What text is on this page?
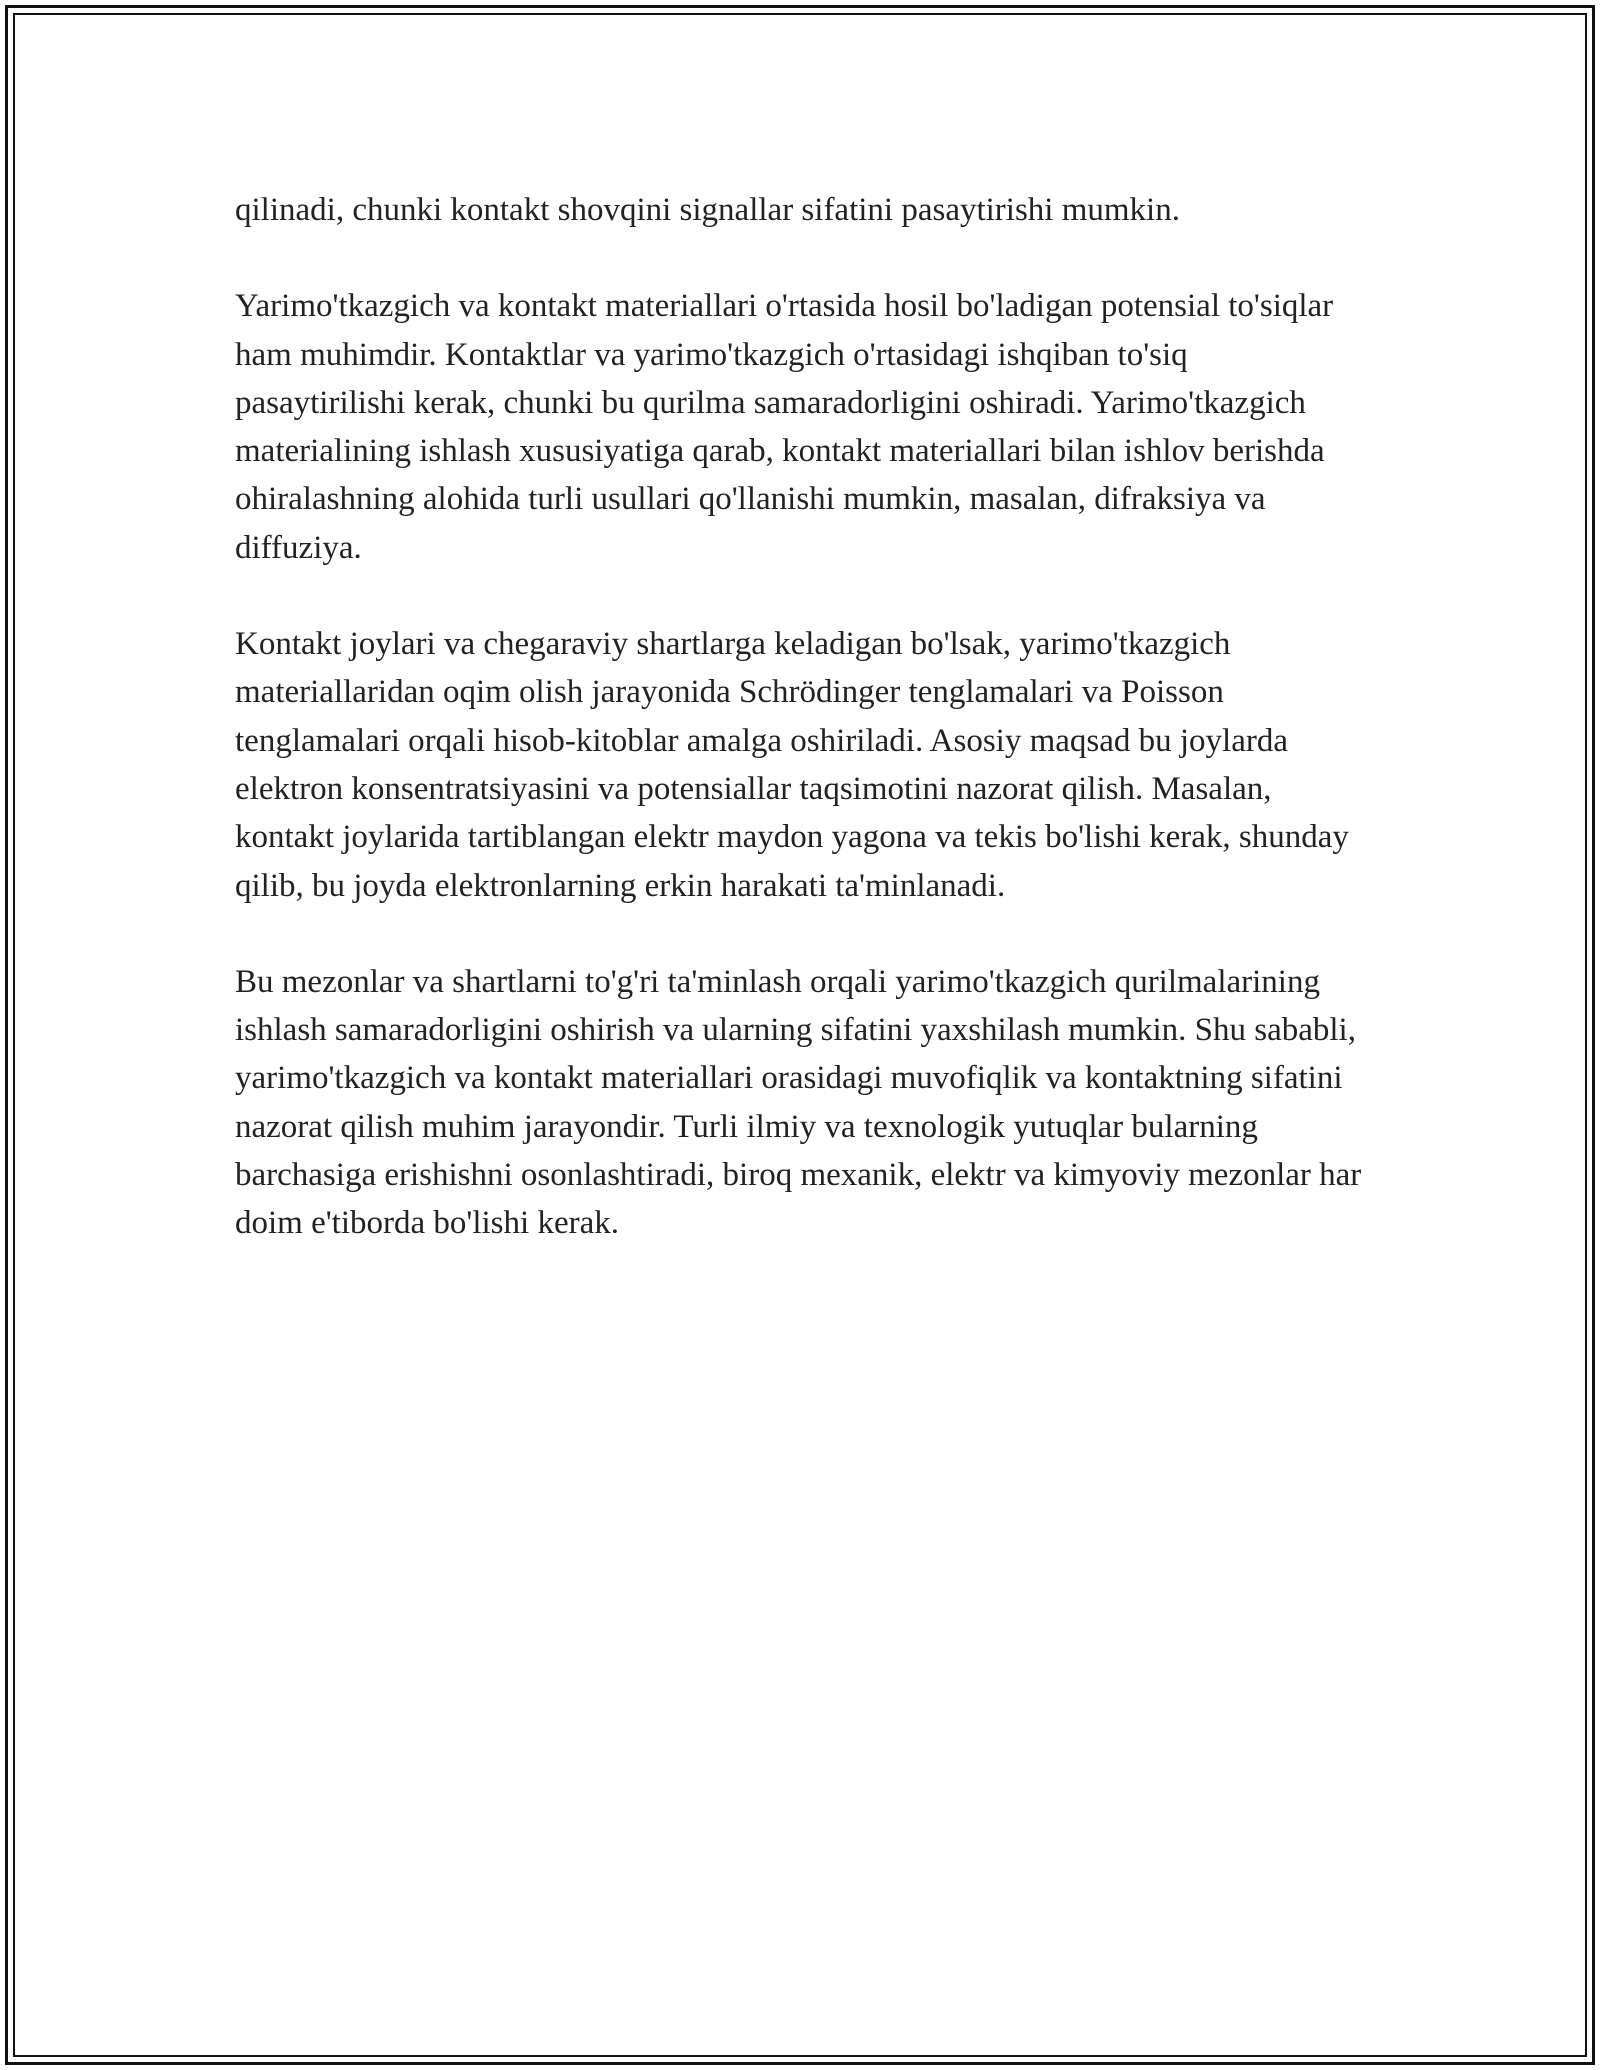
qilinadi, chunki kontakt shovqini signallar sifatini pasaytirishi mumkin.

Yarimo'tkazgich va kontakt materiallari o'rtasida hosil bo'ladigan potensial to'siqlar ham muhimdir. Kontaktlar va yarimo'tkazgich o'rtasidagi ishqiban to'siq pasaytirilishi kerak, chunki bu qurilma samaradorligini oshiradi. Yarimo'tkazgich materialining ishlash xususiyatiga qarab, kontakt materiallari bilan ishlov berishda ohiralashning alohida turli usullari qo'llanishi mumkin, masalan, difraksiya va diffuziya.

Kontakt joylari va chegaraviy shartlarga keladigan bo'lsak, yarimo'tkazgich materiallaridan oqim olish jarayonida Schrödinger tenglamalari va Poisson tenglamalari orqali hisob-kitoblar amalga oshiriladi. Asosiy maqsad bu joylarda elektron konsentratsiyasini va potensiallar taqsimotini nazorat qilish. Masalan, kontakt joylarida tartiblangan elektr maydon yagona va tekis bo'lishi kerak, shunday qilib, bu joyda elektronlarning erkin harakati ta'minlanadi.

Bu mezonlar va shartlarni to'g'ri ta'minlash orqali yarimo'tkazgich qurilmalarining ishlash samaradorligini oshirish va ularning sifatini yaxshilash mumkin. Shu sababli, yarimo'tkazgich va kontakt materiallari orasidagi muvofiqlik va kontaktning sifatini nazorat qilish muhim jarayondir. Turli ilmiy va texnologik yutuqlar bularning barchasiga erishishni osonlashtiradi, biroq mexanik, elektr va kimyoviy mezonlar har doim e'tiborda bo'lishi kerak.
